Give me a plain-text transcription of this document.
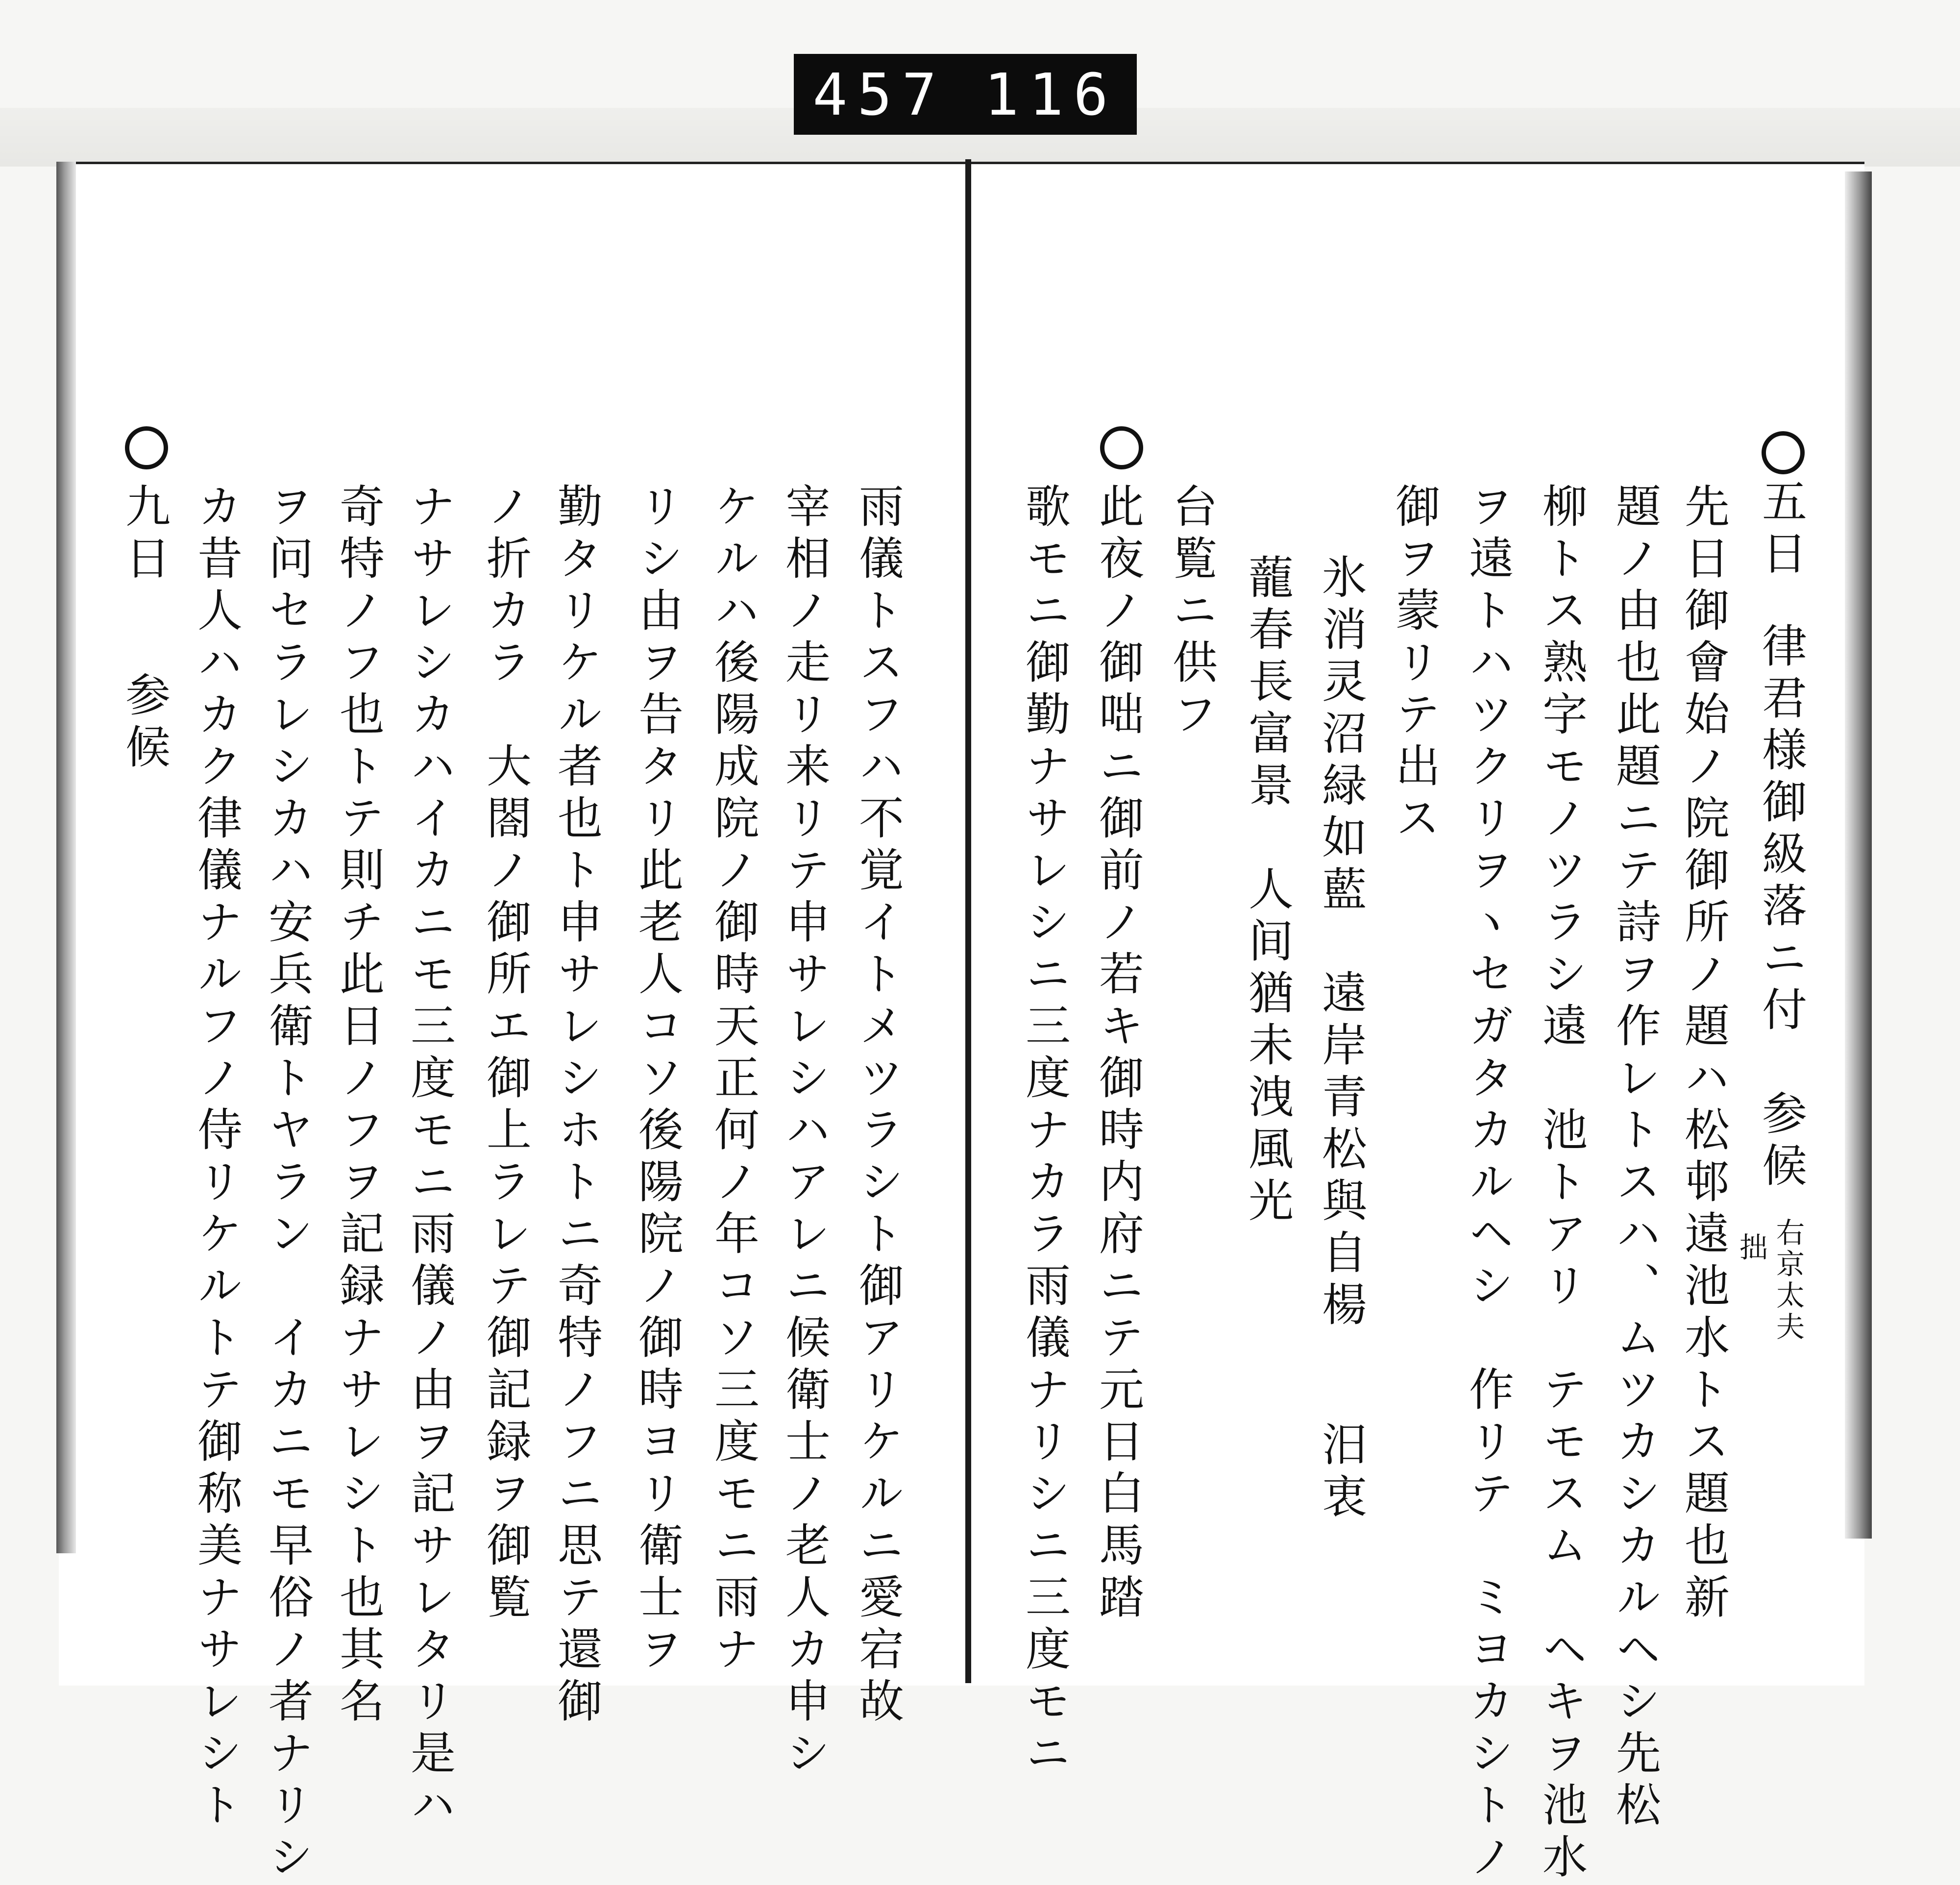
457 116
五日
律君様御級落ニ付　参候
右京太夫
拙
先日御會始ノ院御所ノ題ハ松邨遠池水トス題也新
題ノ由也此題ニテ詩ヲ作レトスハ、ムツカシカルヘシ先松
柳トス熟字モノツラシ遠　池トアリ　テモスム　ヘキヲ池水
ヲ遠トハツクリヲヽセガタカルヘシ　作リテ　ミヨカシトノ
御ヲ蒙リテ出ス
氷消灵沼緑如藍　遠岸青松與自楊
蘢春長富景　人间猶未洩風光
汨衷
台覧ニ供フ
此夜ノ御咄ニ御前ノ若キ御時内府ニテ元日白馬踏
歌モニ御勤ナサレシニ三度ナカラ雨儀ナリシニ三度モニ
雨儀トスフハ不覚イトメツラシト御アリケルニ愛宕故
宰相ノ走リ来リテ申サレシハアレニ候衛士ノ老人カ申シ
ケルハ後陽成院ノ御時天正何ノ年コソ三度モニ雨ナ
リシ由ヲ告タリ此老人コソ後陽院ノ御時ヨリ衛士ヲ
勤タリケル者也ト申サレシホトニ奇特ノフニ思テ還御
ノ折カラ　大閤ノ御所エ御上ラレテ御記録ヲ御覧
ナサレシカハイカニモ三度モニ雨儀ノ由ヲ記サレタリ是ハ
奇特ノフ也トテ則チ此日ノフヲ記録ナサレシト也其名
ヲ问セラレシカハ安兵衛トヤラン　イカニモ早俗ノ者ナリシ
カ昔人ハカク律儀ナルフノ侍リケルトテ御称美ナサレシト
九日
参候
